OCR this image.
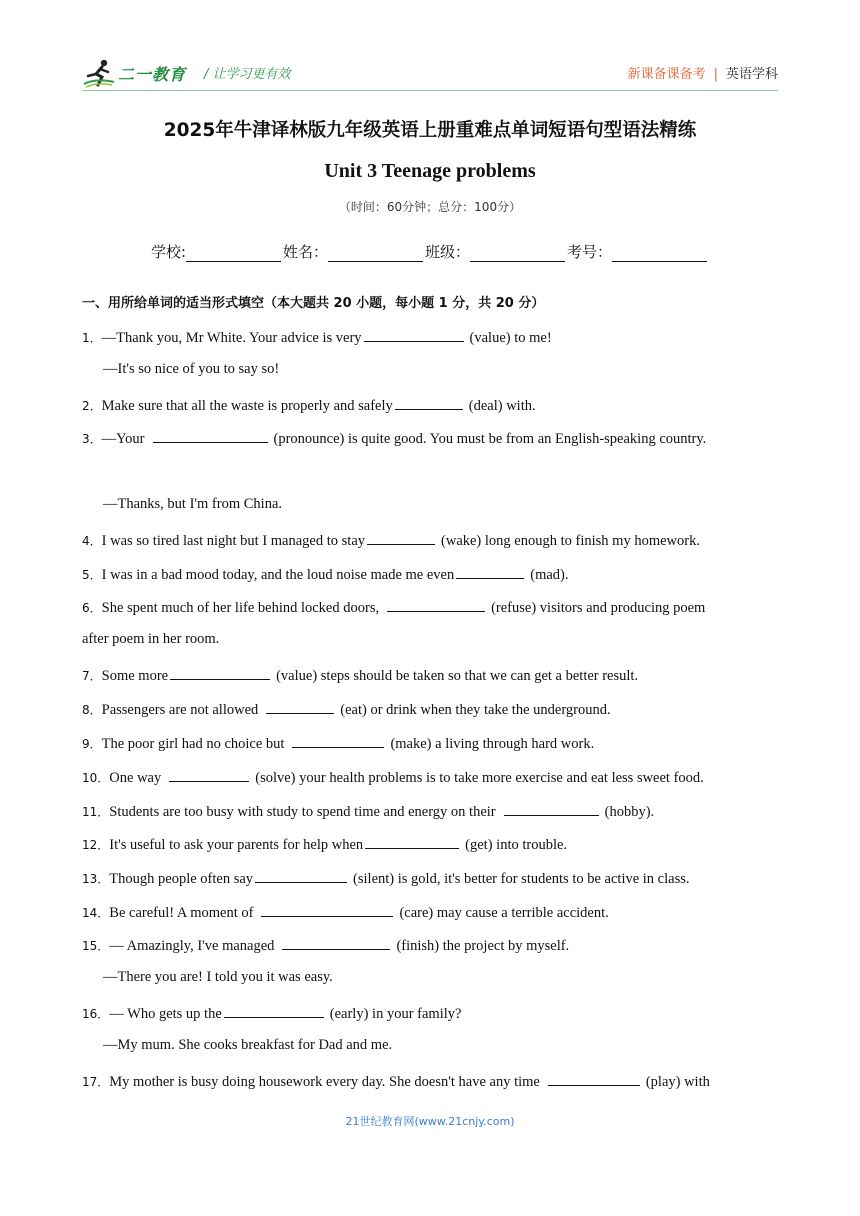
二一教育 / 让学习更有效	新课备课备考 | 英语学科
2025年牛津译林版九年级英语上册重难点单词短语句型语法精练
Unit 3 Teenage problems
（时间：60分钟；总分：100分）
学校:	姓名：	班级：	考号：
一、用所给单词的适当形式填空（本大题共 20 小题，每小题 1 分，共 20 分）
1．—Thank you, Mr White. Your advice is very	(value) to me!
—It's so nice of you to say so!
2．Make sure that all the waste is properly and safely	(deal) with.
3．—Your	(pronounce) is quite good. You must be from an English-speaking country.
—Thanks, but I'm from China.
4．I was so tired last night but I managed to stay	(wake) long enough to finish my homework.
5．I was in a bad mood today, and the loud noise made me even	(mad).
6．She spent much of her life behind locked doors,	(refuse) visitors and producing poem
after poem in her room.
7．Some more	(value) steps should be taken so that we can get a better result.
8．Passengers are not allowed	(eat) or drink when they take the underground.
9．The poor girl had no choice but	(make) a living through hard work.
10．One way	(solve) your health problems is to take more exercise and eat less sweet food.
11．Students are too busy with study to spend time and energy on their	(hobby).
12．It's useful to ask your parents for help when	(get) into trouble.
13．Though people often say	(silent) is gold, it's better for students to be active in class.
14．Be careful! A moment of	(care) may cause a terrible accident.
15．— Amazingly, I've managed	(finish) the project by myself.
—There you are! I told you it was easy.
16．— Who gets up the	(early) in your family?
—My mum. She cooks breakfast for Dad and me.
17．My mother is busy doing housework every day. She doesn't have any time	(play) with
21世纪教育网(www.21cnjy.com)
